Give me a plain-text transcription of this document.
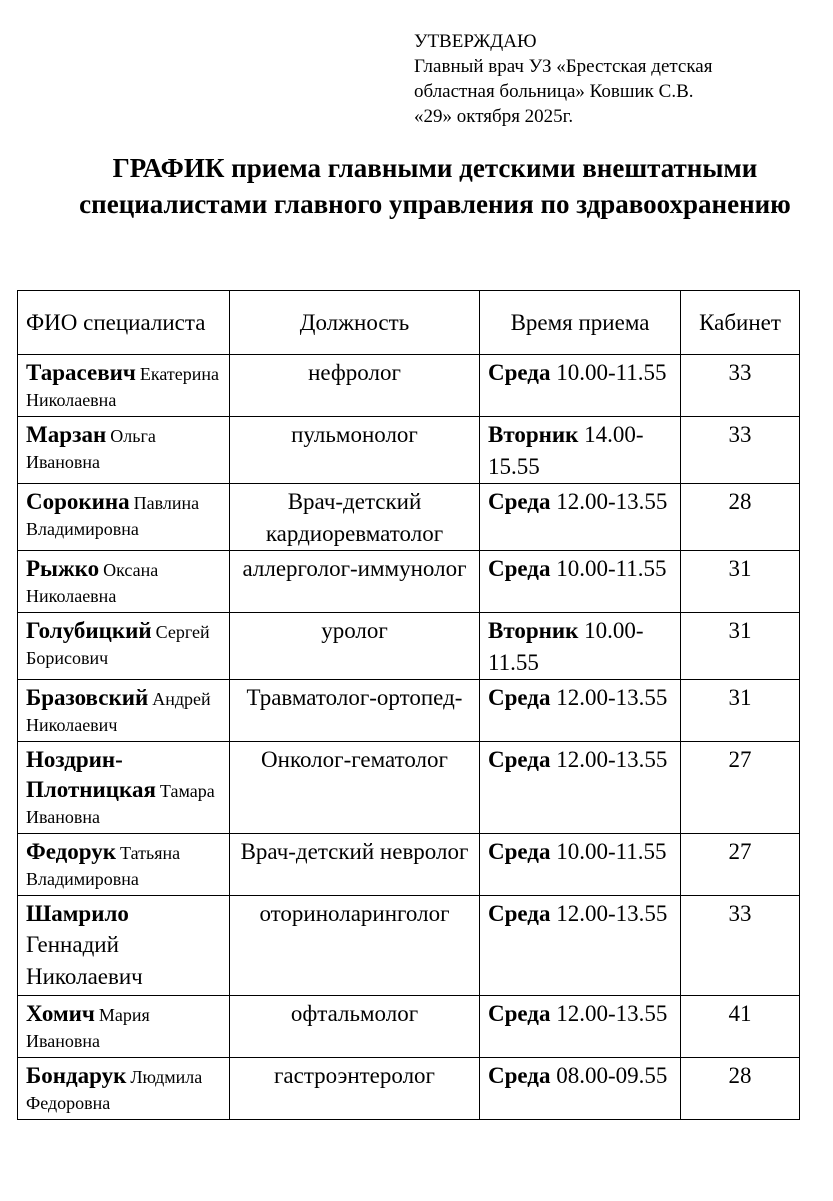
УТВЕРЖДАЮ
Главный врач УЗ «Брестская детская
областная больница» Ковшик С.В.
«29» октября 2025г.
ГРАФИК приема главными детскими внештатными специалистами главного управления по здравоохранению
ФИО специалиста	Должность	Время приема	Кабинет
Тарасевич Екатерина Николаевна	нефролог	Среда 10.00-11.55	33
Марзан Ольга Ивановна	пульмонолог	Вторник 14.00-15.55	33
Сорокина Павлина Владимировна	Врач-детский кардиоревматолог	Среда 12.00-13.55	28
Рыжко Оксана Николаевна	аллерголог-иммунолог	Среда 10.00-11.55	31
Голубицкий Сергей Борисович	уролог	Вторник 10.00-11.55	31
Бразовский Андрей Николаевич	Травматолог-ортопед-	Среда 12.00-13.55	31
Ноздрин-Плотницкая Тамара Ивановна	Онколог-гематолог	Среда 12.00-13.55	27
Федорук Татьяна Владимировна	Врач-детский невролог	Среда 10.00-11.55	27
Шамрило Геннадий Николаевич	оториноларинголог	Среда 12.00-13.55	33
Хомич Мария Ивановна	офтальмолог	Среда 12.00-13.55	41
Бондарук Людмила Федоровна	гастроэнтеролог	Среда 08.00-09.55	28
